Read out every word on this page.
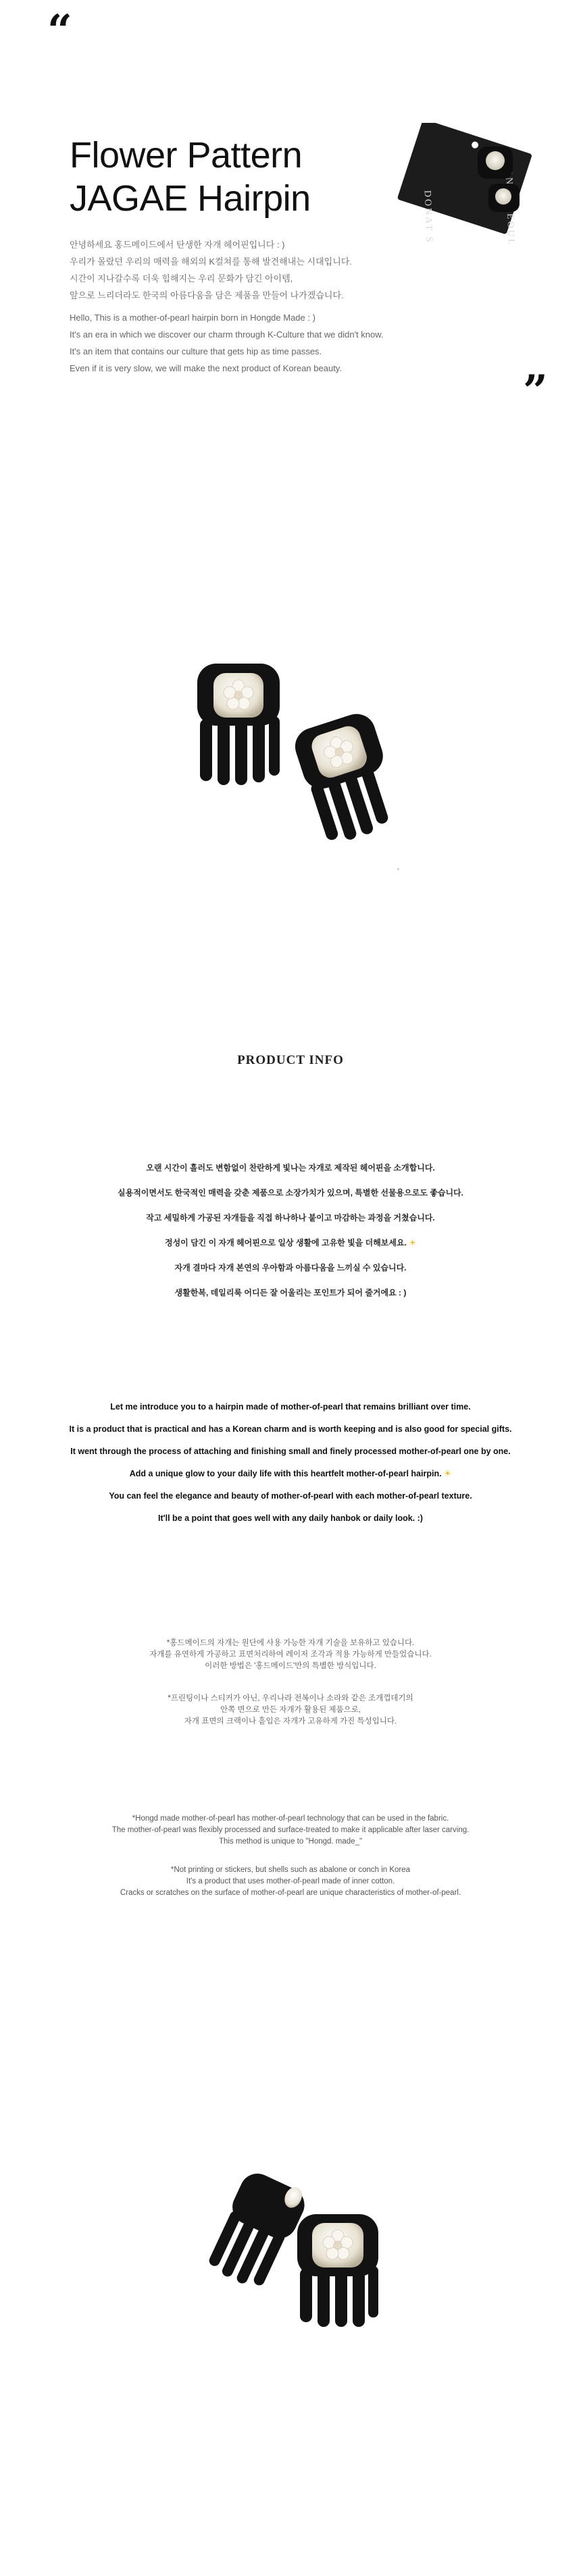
“
Flower Pattern
JAGAE Hairpin
안녕하세요 홍드메이드에서 탄생한 자개 헤어핀입니다 : )
우리가 몰랐던 우리의 매력을 해외의 K컬쳐를 통해 발견해내는 시대입니다.
시간이 지나갈수록 더욱 힙해지는 우리 문화가 담긴 아이템,
앞으로 느리더라도 한국의 아름다움을 담은 제품을 만들어 나가겠습니다.
Hello, This is a mother-of-pearl hairpin born in Hongde Made : )
It's an era in which we discover our charm through K-Culture that we didn't know.
It's an item that contains our culture that gets hip as time passes.
Even if it is very slow, we will make the next product of Korean beauty.	”
DONAT SEOUL
PRODUCT INFO
오랜 시간이 흘러도 변함없이 찬란하게 빛나는 자개로 제작된 헤어핀을 소개합니다.
실용적이면서도 한국적인 매력을 갖춘 제품으로 소장가치가 있으며, 특별한 선물용으로도 좋습니다.
작고 세밀하게 가공된 자개들을 직접 하나하나 붙이고 마감하는 과정을 거쳤습니다.
정성이 담긴 이 자개 헤어핀으로 일상 생활에 고유한 빛을 더해보세요. ☀
자개 결마다 자개 본연의 우아함과 아름다움을 느끼실 수 있습니다.
생활한복, 데일리룩 어디든 잘 어울리는 포인트가 되어 줄거에요 : )
Let me introduce you to a hairpin made of mother-of-pearl that remains brilliant over time.
It is a product that is practical and has a Korean charm and is worth keeping and is also good for special gifts.
It went through the process of attaching and finishing small and finely processed mother-of-pearl one by one.
Add a unique glow to your daily life with this heartfelt mother-of-pearl hairpin. ☀
You can feel the elegance and beauty of mother-of-pearl with each mother-of-pearl texture.
It'll be a point that goes well with any daily hanbok or daily look. :)
*홍드메이드의 자개는 원단에 사용 가능한 자개 기술을 보유하고 있습니다.
자개를 유연하게 가공하고 표면처리하여 레이저 조각과 적용 가능하게 만들었습니다.
이러한 방법은 '홍드메이드'만의 특별한 방식입니다.
*프린팅이나 스티커가 아닌, 우리나라 전복이나 소라와 같은 조개껍데기의
안쪽 면으로 만든 자개가 활용된 제품으로,
자개 표면의 크랙이나 흩입은 자개가 고유하게 가진 특성입니다.
*Hongd made mother-of-pearl has mother-of-pearl technology that can be used in the fabric.
The mother-of-pearl was flexibly processed and surface-treated to make it applicable after laser carving.
This method is unique to "Hongd. made_"
*Not printing or stickers, but shells such as abalone or conch in Korea
It's a product that uses mother-of-pearl made of inner cotton.
Cracks or scratches on the surface of mother-of-pearl are unique characteristics of mother-of-pearl.
